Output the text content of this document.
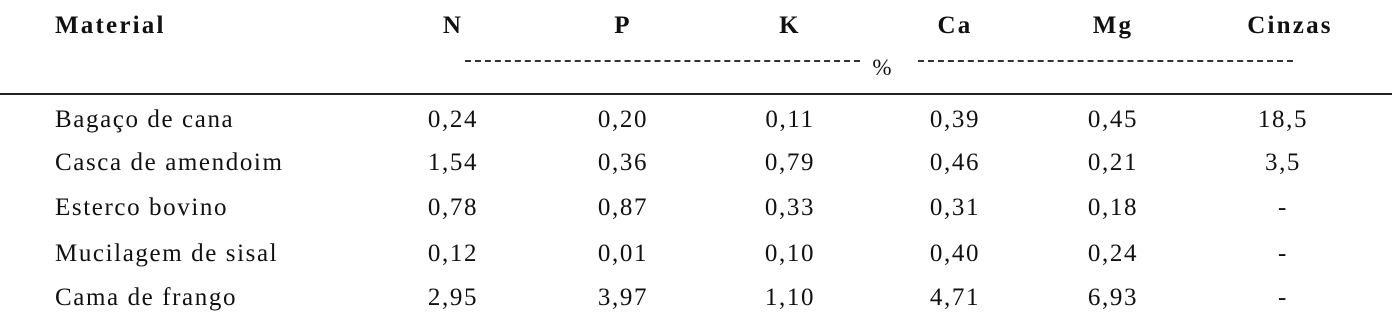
Material	N	P	K	Ca	Mg	Cinzas
%
Bagaço de cana	0,24	0,20	0,11	0,39	0,45	18,5
Casca de amendoim	1,54	0,36	0,79	0,46	0,21	3,5
Esterco bovino	0,78	0,87	0,33	0,31	0,18	-
Mucilagem de sisal	0,12	0,01	0,10	0,40	0,24	-
Cama de frango	2,95	3,97	1,10	4,71	6,93	-
